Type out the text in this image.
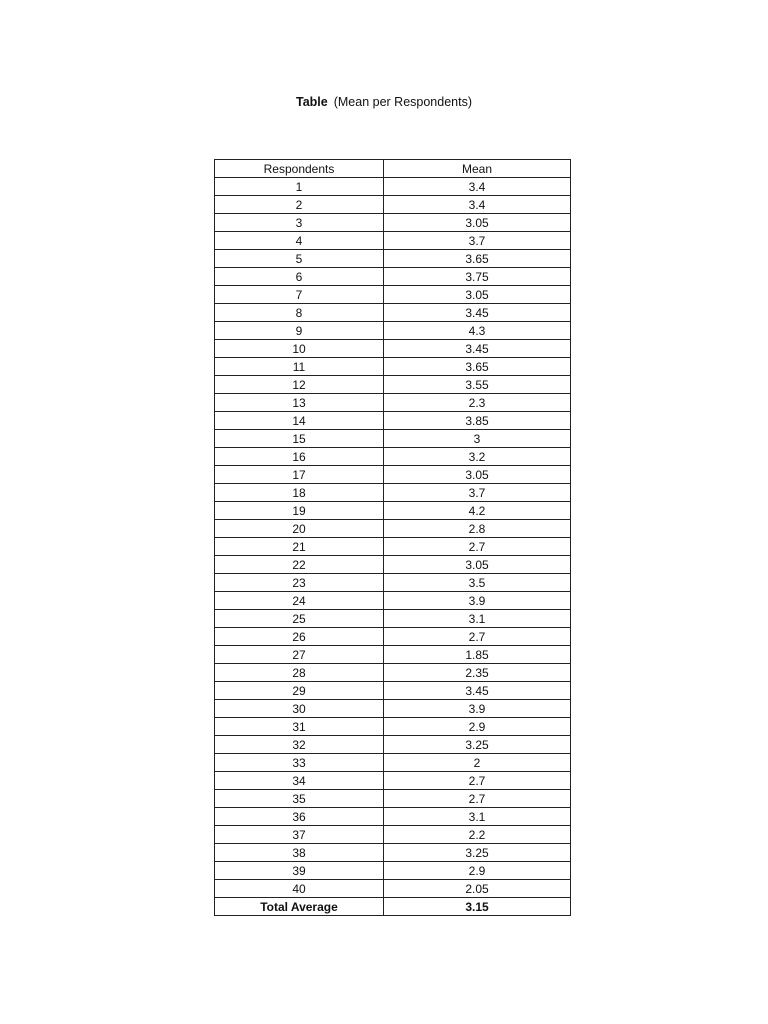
Table (Mean per Respondents)
Respondents	Mean
1	3.4
2	3.4
3	3.05
4	3.7
5	3.65
6	3.75
7	3.05
8	3.45
9	4.3
10	3.45
11	3.65
12	3.55
13	2.3
14	3.85
15	3
16	3.2
17	3.05
18	3.7
19	4.2
20	2.8
21	2.7
22	3.05
23	3.5
24	3.9
25	3.1
26	2.7
27	1.85
28	2.35
29	3.45
30	3.9
31	2.9
32	3.25
33	2
34	2.7
35	2.7
36	3.1
37	2.2
38	3.25
39	2.9
40	2.05
Total Average	3.15
